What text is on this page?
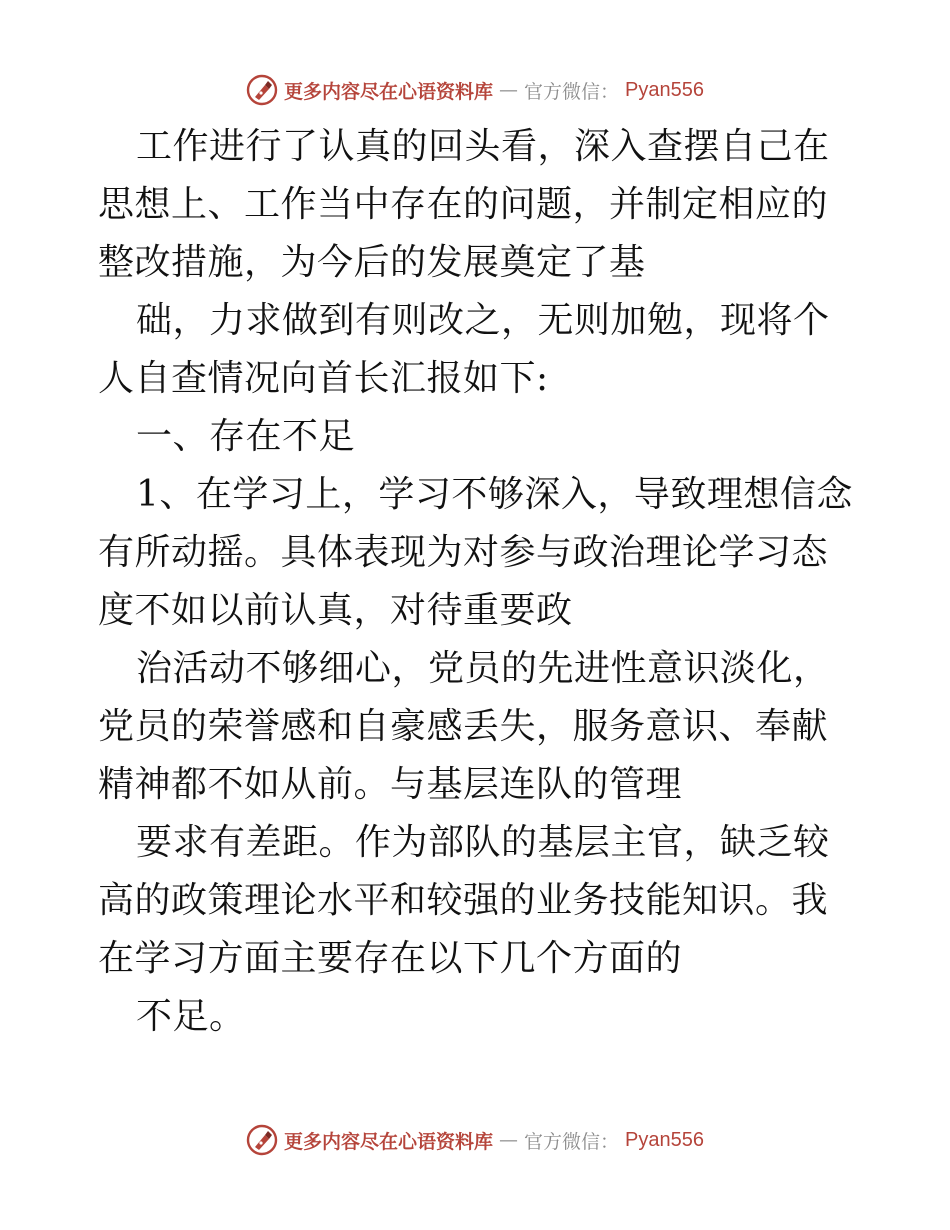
更多内容尽在心语资料库 — 官方微信： Pyan556

工作进行了认真的回头看，深入查摆自己在思想上、工作当中存在的问题，并制定相应的整改措施，为今后的发展奠定了基

础，力求做到有则改之，无则加勉，现将个人自查情况向首长汇报如下:

一、存在不足

1、在学习上，学习不够深入，导致理想信念有所动摇。具体表现为对参与政治理论学习态度不如以前认真，对待重要政

治活动不够细心，党员的先进性意识淡化，党员的荣誉感和自豪感丢失，服务意识、奉献精神都不如从前。与基层连队的管理

要求有差距。作为部队的基层主官，缺乏较高的政策理论水平和较强的业务技能知识。我在学习方面主要存在以下几个方面的

不足。

更多内容尽在心语资料库 — 官方微信： Pyan556
